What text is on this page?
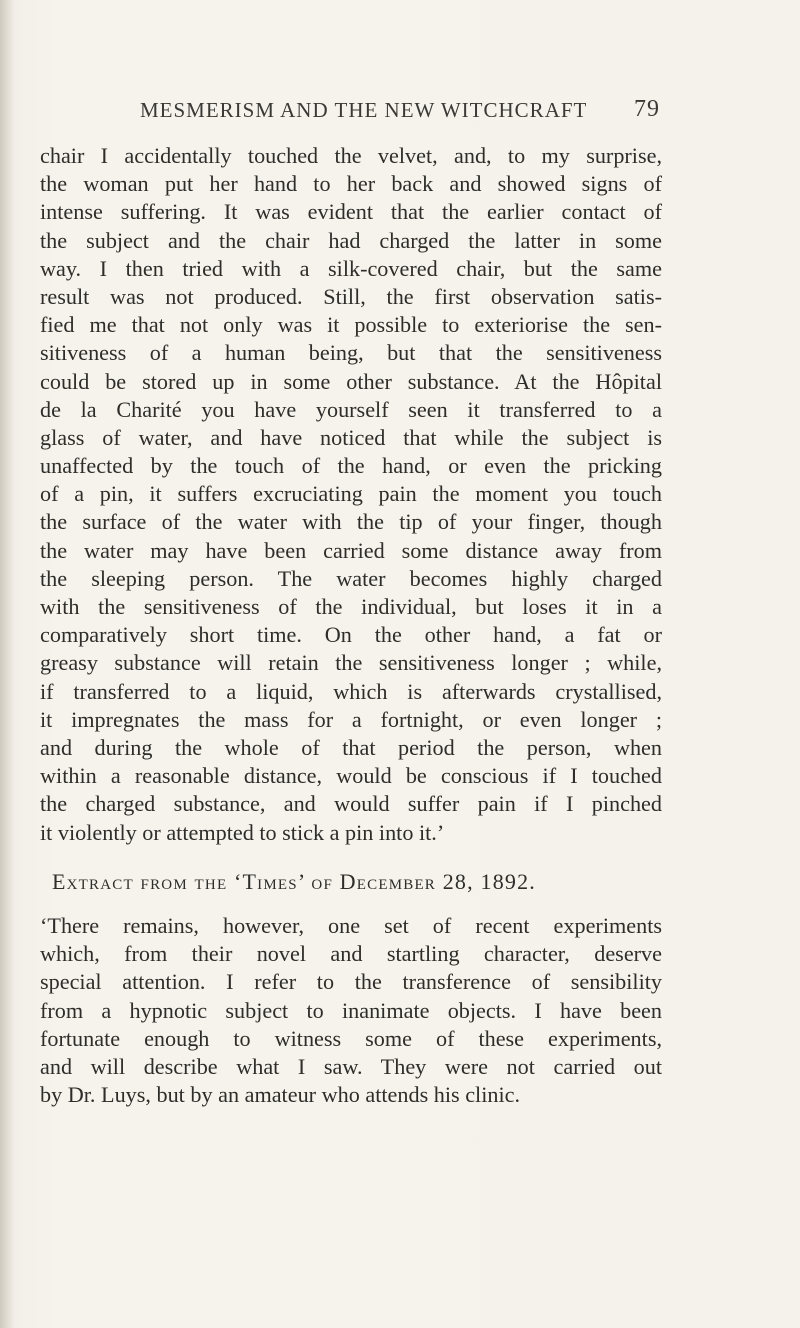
MESMERISM AND THE NEW WITCHCRAFT 79
chair I accidentally touched the velvet, and, to my surprise,
the woman put her hand to her back and showed signs of
intense suffering. It was evident that the earlier contact of
the subject and the chair had charged the latter in some
way. I then tried with a silk-covered chair, but the same
result was not produced. Still, the first observation satis-
fied me that not only was it possible to exteriorise the sen-
sitiveness of a human being, but that the sensitiveness
could be stored up in some other substance. At the Hôpital
de la Charité you have yourself seen it transferred to a
glass of water, and have noticed that while the subject is
unaffected by the touch of the hand, or even the pricking
of a pin, it suffers excruciating pain the moment you touch
the surface of the water with the tip of your finger, though
the water may have been carried some distance away from
the sleeping person. The water becomes highly charged
with the sensitiveness of the individual, but loses it in a
comparatively short time. On the other hand, a fat or
greasy substance will retain the sensitiveness longer ; while,
if transferred to a liquid, which is afterwards crystallised,
it impregnates the mass for a fortnight, or even longer ;
and during the whole of that period the person, when
within a reasonable distance, would be conscious if I touched
the charged substance, and would suffer pain if I pinched
it violently or attempted to stick a pin into it.’
Extract from the ‘Times’ of December 28, 1892.
‘There remains, however, one set of recent experiments
which, from their novel and startling character, deserve
special attention. I refer to the transference of sensibility
from a hypnotic subject to inanimate objects. I have been
fortunate enough to witness some of these experiments,
and will describe what I saw. They were not carried out
by Dr. Luys, but by an amateur who attends his clinic.
